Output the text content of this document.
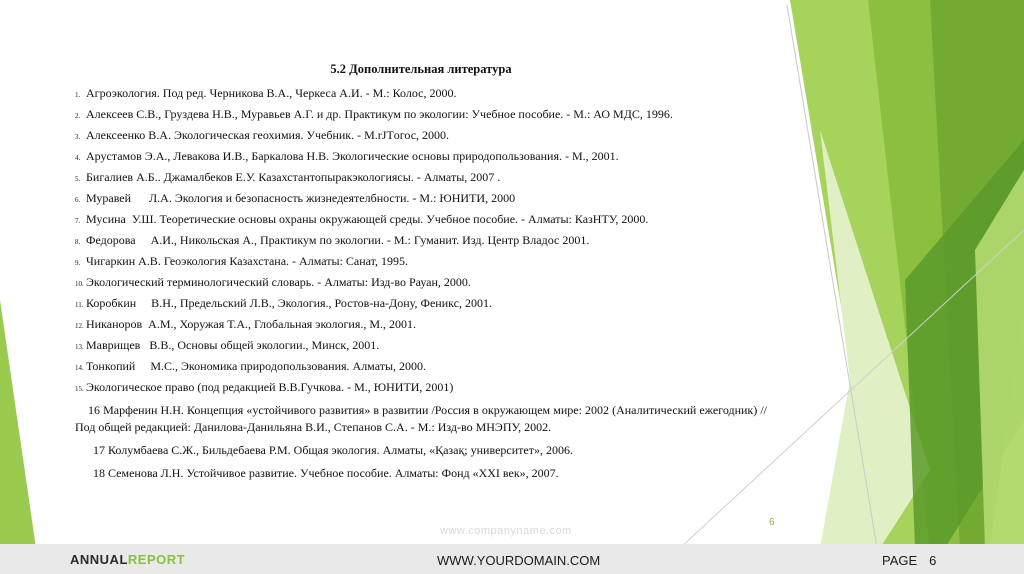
5.2 Дополнительная литература
1. Агроэкология. Под ред. Черникова В.А., Черкеса А.И. - М.: Колос, 2000.
2. Алексеев С.В., Груздева Н.В., Муравьев А.Г. и др. Практикум по экологии: Учебное пособие. - М.: АО МДС, 1996.
3. Алексеенко В.А. Экологическая геохимия. Учебник. - М.rJTогос, 2000.
4. Арустамов Э.А., Левакова И.В., Баркалова Н.В. Экологические основы природопользования. - М., 2001.
5. Бигалиев А.Б.. Джамалбеков Е.У. Казахстантопыракэкологиясы. - Алматы, 2007 .
6. Муравей      Л.А. Экология и безопасность жизнедеятелбности. - М.: ЮНИТИ, 2000
7. Мусина  У.Ш. Теоретические основы охраны окружающей среды. Учебное пособие. - Алматы: КазНТУ, 2000.
8. Федорова     А.И., Никольская А., Практикум по экологии. - М.: Гуманит. Изд. Центр Владос 2001.
9. Чигаркин А.В. Геоэкология Казахстана. - Алматы: Санат, 1995.
10. Экологический терминологический словарь. - Алматы: Изд-во Рауан, 2000.
11. Коробкин     В.Н., Предельский Л.В., Экология., Ростов-на-Дону, Феникс, 2001.
12. Никаноров  А.М., Хоружая Т.А., Глобальная экология., М., 2001.
13. Маврищев   В.В., Основы общей экологии., Минск, 2001.
14. Тонкопий     М.С., Экономика природопользования. Алматы, 2000.
15. Экологическое право (под редакцией В.В.Гучкова. - М., ЮНИТИ, 2001)
16 Марфенин Н.Н. Концепция «устойчивого развития» в развитии /Россия в окружающем мире: 2002 (Аналитический ежегодник) // Под общей редакцией: Данилова-Данильяна В.И., Степанов С.А. - М.: Изд-во МНЭПУ, 2002.
17 Колумбаева С.Ж., Бильдебаева Р.М. Общая экология. Алматы, «Қазақ; университет», 2006.
18 Семенова Л.Н. Устойчивое развитие. Учебное пособие. Алматы: Фонд «XXI век», 2007.
www.companyname.com
6
ANNUALREPORT	WWW.YOURDOMAIN.COM	PAGE 6
